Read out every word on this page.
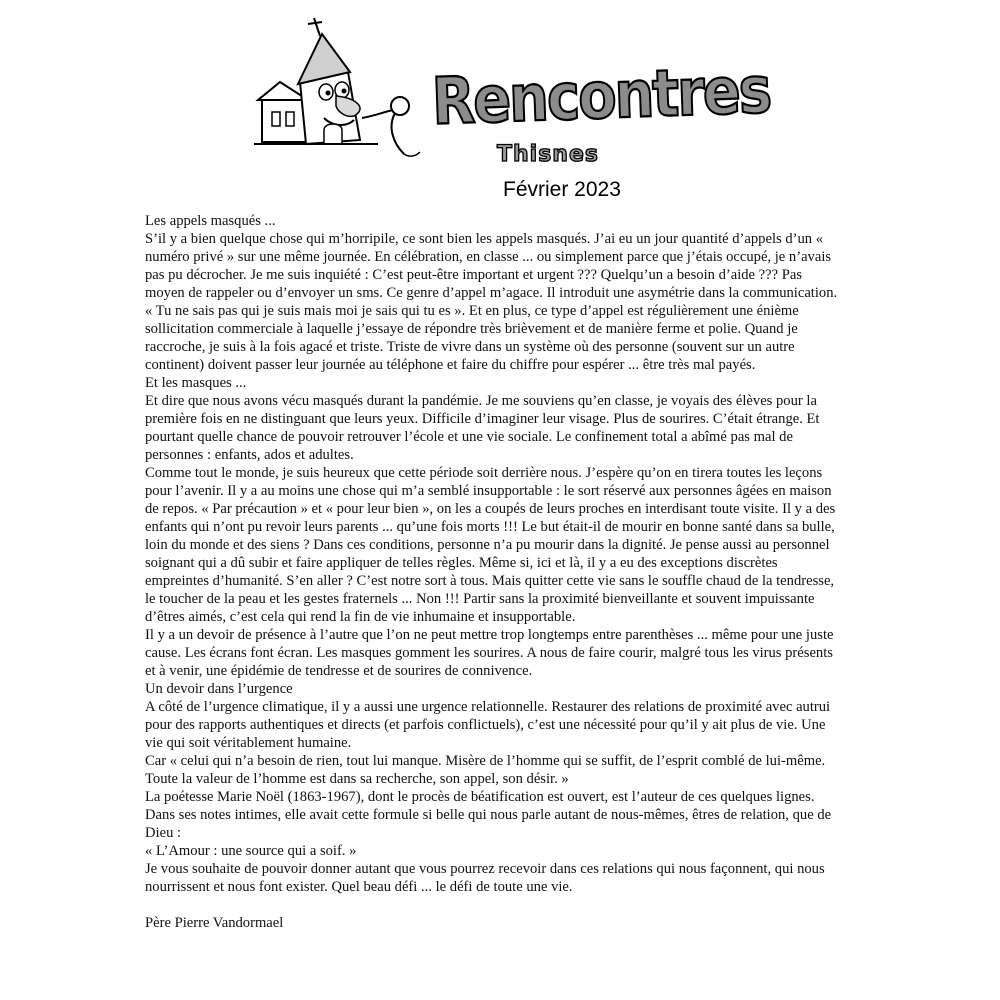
Rencontres
Thisnes
Février 2023

Les appels masqués ...

S’il y a bien quelque chose qui m’horripile, ce sont bien les appels masqués. J’ai eu un jour quantité d’appels d’un « numéro privé » sur une même journée. En célébration, en classe ... ou simplement parce que j’étais occupé, je n’avais pas pu décrocher. Je me suis inquiété : C’est peut-être important et urgent ??? Quelqu’un a besoin d’aide ??? Pas moyen de rappeler ou d’envoyer un sms. Ce genre d’appel m’agace. Il introduit une asymétrie dans la communication. « Tu ne sais pas qui je suis mais moi je sais qui tu es ». Et en plus, ce type d’appel est régulièrement une énième sollicitation commerciale à laquelle j’essaye de répondre très brièvement et de manière ferme et polie. Quand je raccroche, je suis à la fois agacé et triste. Triste de vivre dans un système où des personne (souvent sur un autre continent) doivent passer leur journée au téléphone et faire du chiffre pour espérer ... être très mal payés.

Et les masques ...

Et dire que nous avons vécu masqués durant la pandémie. Je me souviens qu’en classe, je voyais des élèves pour la première fois en ne distinguant que leurs yeux. Difficile d’imaginer leur visage. Plus de sourires. C’était étrange. Et pourtant quelle chance de pouvoir retrouver l’école et une vie sociale. Le confinement total a abîmé pas mal de personnes : enfants, ados et adultes.

Comme tout le monde, je suis heureux que cette période soit derrière nous. J’espère qu’on en tirera toutes les leçons pour l’avenir. Il y a au moins une chose qui m’a semblé insupportable : le sort réservé aux personnes âgées en maison de repos. « Par précaution » et « pour leur bien », on les a coupés de leurs proches en interdisant toute visite. Il y a des enfants qui n’ont pu revoir leurs parents ... qu’une fois morts !!! Le but était-il de mourir en bonne santé dans sa bulle, loin du monde et des siens ? Dans ces conditions, personne n’a pu mourir dans la dignité. Je pense aussi au personnel soignant qui a dû subir et faire appliquer de telles règles. Même si, ici et là, il y a eu des exceptions discrètes empreintes d’humanité. S’en aller ? C’est notre sort à tous. Mais quitter cette vie sans le souffle chaud de la tendresse, le toucher de la peau et les gestes fraternels ... Non !!! Partir sans la proximité bienveillante et souvent impuissante d’êtres aimés, c’est cela qui rend la fin de vie inhumaine et insupportable.

Il y a un devoir de présence à l’autre que l’on ne peut mettre trop longtemps entre parenthèses ... même pour une juste cause. Les écrans font écran. Les masques gomment les sourires. A nous de faire courir, malgré tous les virus présents et à venir, une épidémie de tendresse et de sourires de connivence.

Un devoir dans l’urgence

A côté de l’urgence climatique, il y a aussi une urgence relationnelle. Restaurer des relations de proximité avec autrui pour des rapports authentiques et directs (et parfois conflictuels), c’est une nécessité pour qu’il y ait plus de vie. Une vie qui soit véritablement humaine.

Car « celui qui n’a besoin de rien, tout lui manque. Misère de l’homme qui se suffit, de l’esprit comblé de lui-même. Toute la valeur de l’homme est dans sa recherche, son appel, son désir. »

La poétesse Marie Noël (1863-1967), dont le procès de béatification est ouvert, est l’auteur de ces quelques lignes.

Dans ses notes intimes, elle avait cette formule si belle qui nous parle autant de nous-mêmes, êtres de relation, que de Dieu :

« L’Amour : une source qui a soif. »

Je vous souhaite de pouvoir donner autant que vous pourrez recevoir dans ces relations qui nous façonnent, qui nous nourrissent et nous font exister. Quel beau défi ... le défi de toute une vie.

Père Pierre Vandormael
